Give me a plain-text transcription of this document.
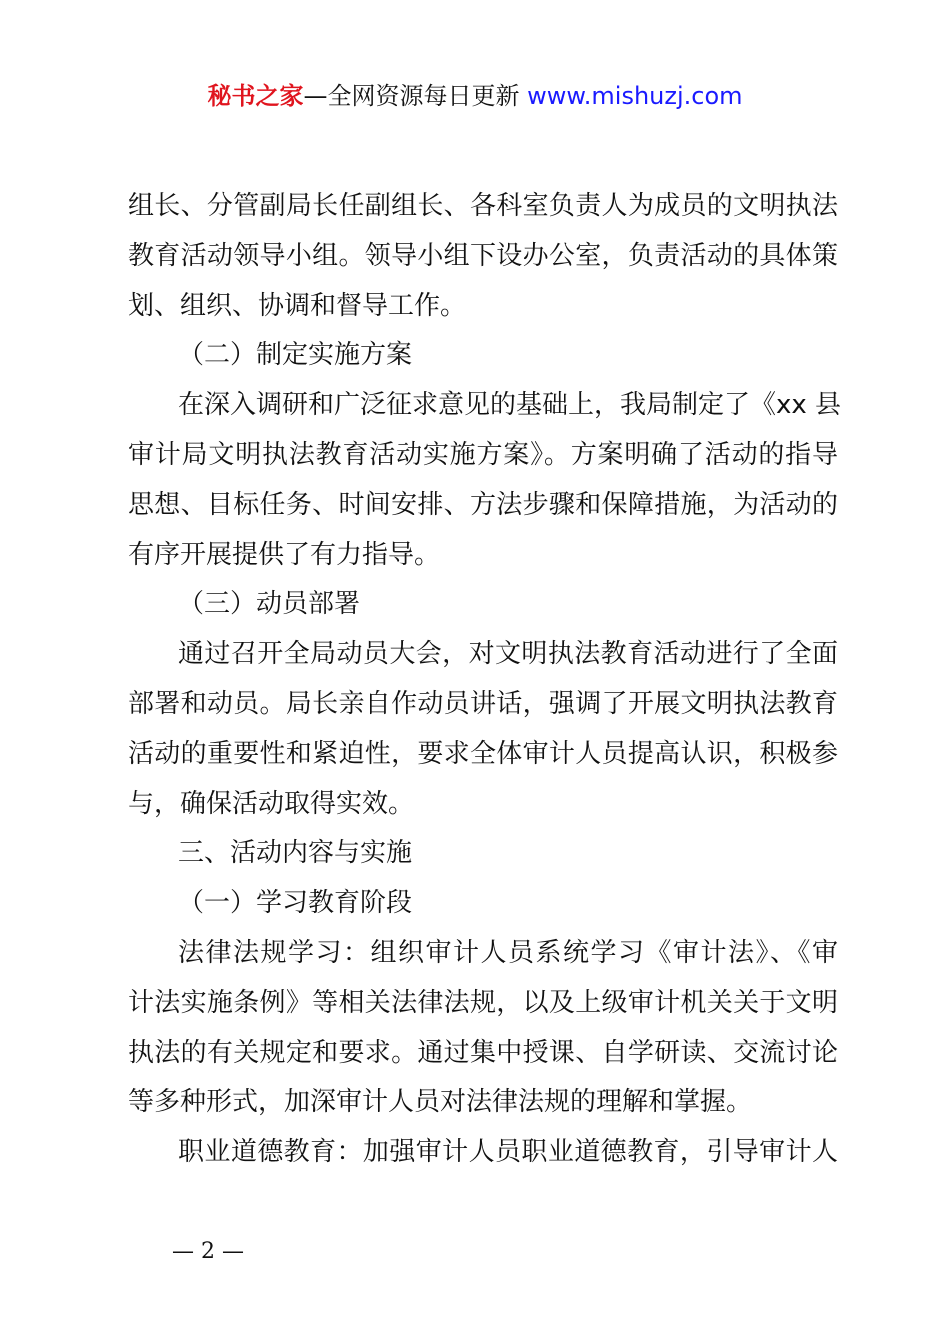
秘书之家—全网资源每日更新 www.mishuzj.com
组长、分管副局长任副组长、各科室负责人为成员的文明执法
教育活动领导小组。领导小组下设办公室，负责活动的具体策
划、组织、协调和督导工作。
（二）制定实施方案
在深入调研和广泛征求意见的基础上，我局制定了《xx 县
审计局文明执法教育活动实施方案》。方案明确了活动的指导
思想、目标任务、时间安排、方法步骤和保障措施，为活动的
有序开展提供了有力指导。
（三）动员部署
通过召开全局动员大会，对文明执法教育活动进行了全面
部署和动员。局长亲自作动员讲话，强调了开展文明执法教育
活动的重要性和紧迫性，要求全体审计人员提高认识，积极参
与，确保活动取得实效。
三、活动内容与实施
（一）学习教育阶段
法律法规学习：组织审计人员系统学习《审计法》、《审
计法实施条例》等相关法律法规，以及上级审计机关关于文明
执法的有关规定和要求。通过集中授课、自学研读、交流讨论
等多种形式，加深审计人员对法律法规的理解和掌握。
职业道德教育：加强审计人员职业道德教育，引导审计人
— 2 —
